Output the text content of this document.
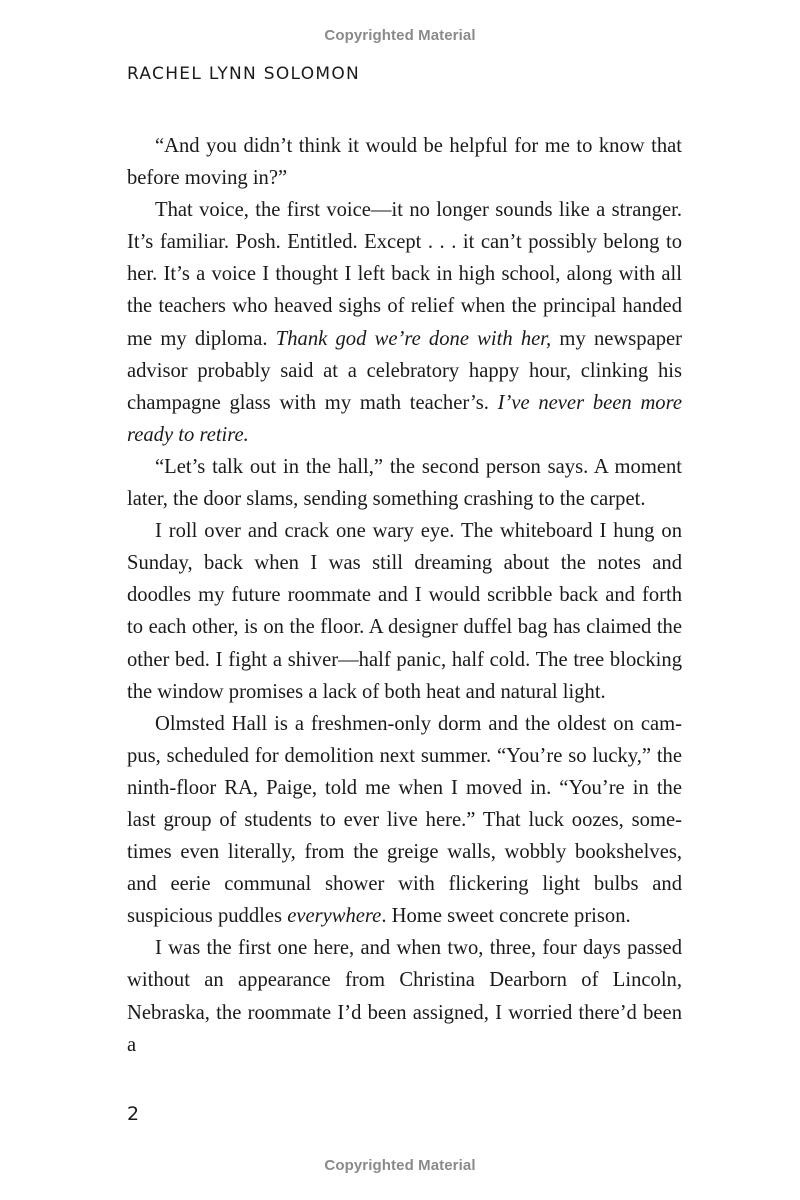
Copyrighted Material
RACHEL LYNN SOLOMON

“And you didn’t think it would be helpful for me to know that before moving in?”

That voice, the first voice—it no longer sounds like a stranger. It’s familiar. Posh. Entitled. Except . . . it can’t possibly belong to her. It’s a voice I thought I left back in high school, along with all the teachers who heaved sighs of relief when the principal handed me my diploma. Thank god we’re done with her, my newspaper advisor probably said at a celebratory happy hour, clinking his champagne glass with my math teacher’s. I’ve never been more ready to retire.

“Let’s talk out in the hall,” the second person says. A moment later, the door slams, sending something crashing to the carpet.

I roll over and crack one wary eye. The whiteboard I hung on Sunday, back when I was still dreaming about the notes and doodles my future roommate and I would scribble back and forth to each other, is on the floor. A designer duffel bag has claimed the other bed. I fight a shiver—half panic, half cold. The tree blocking the window promises a lack of both heat and natural light.

Olmsted Hall is a freshmen-only dorm and the oldest on campus, scheduled for demolition next summer. “You’re so lucky,” the ninth-floor RA, Paige, told me when I moved in. “You’re in the last group of students to ever live here.” That luck oozes, sometimes even literally, from the greige walls, wobbly bookshelves, and eerie communal shower with flickering light bulbs and suspicious puddles everywhere. Home sweet concrete prison.

I was the first one here, and when two, three, four days passed without an appearance from Christina Dearborn of Lincoln, Nebraska, the roommate I’d been assigned, I worried there’d been a

2
Copyrighted Material
